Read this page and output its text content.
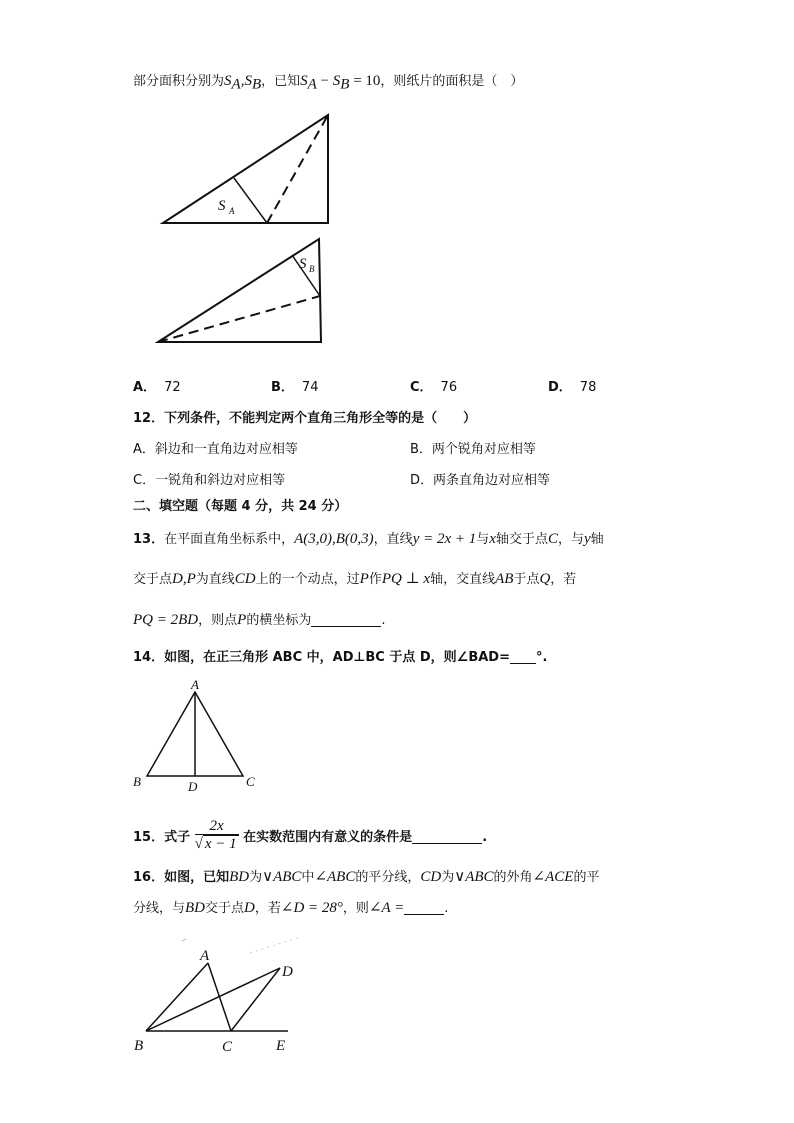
部分面积分别为$S_A,S_B$，已知$S_A - S_B = 10$，则纸片的面积是（　）
S A
S B
A． 72	B． 74	C． 76	D． 78
12．下列条件，不能判定两个直角三角形全等的是（　　）
A．斜边和一直角边对应相等	B．两个锐角对应相等
C．一锐角和斜边对应相等	D．两条直角边对应相等
二、填空题（每题 4 分，共 24 分）
13．在平面直角坐标系中，A(3,0),B(0,3)，直线y = 2x + 1与x轴交于点C，与y轴
交于点D,P为直线CD上的一个动点，过P作PQ ⊥ x轴，交直线AB于点Q，若
PQ = 2BD，则点P的横坐标为	.
14．如图，在正三角形 ABC 中，AD⊥BC 于点 D，则∠BAD= °.
A
B	C
D
15．式子 $\frac{2x}{√ x - 1}$ 在实数范围内有意义的条件是	.
16．如图，已知BD为∨ABC中∠ABC的平分线，CD为∨ABC的外角∠ACE的平
分线，与BD交于点D，若∠D = 28°，则∠A =	.
A
B	C
D
E
